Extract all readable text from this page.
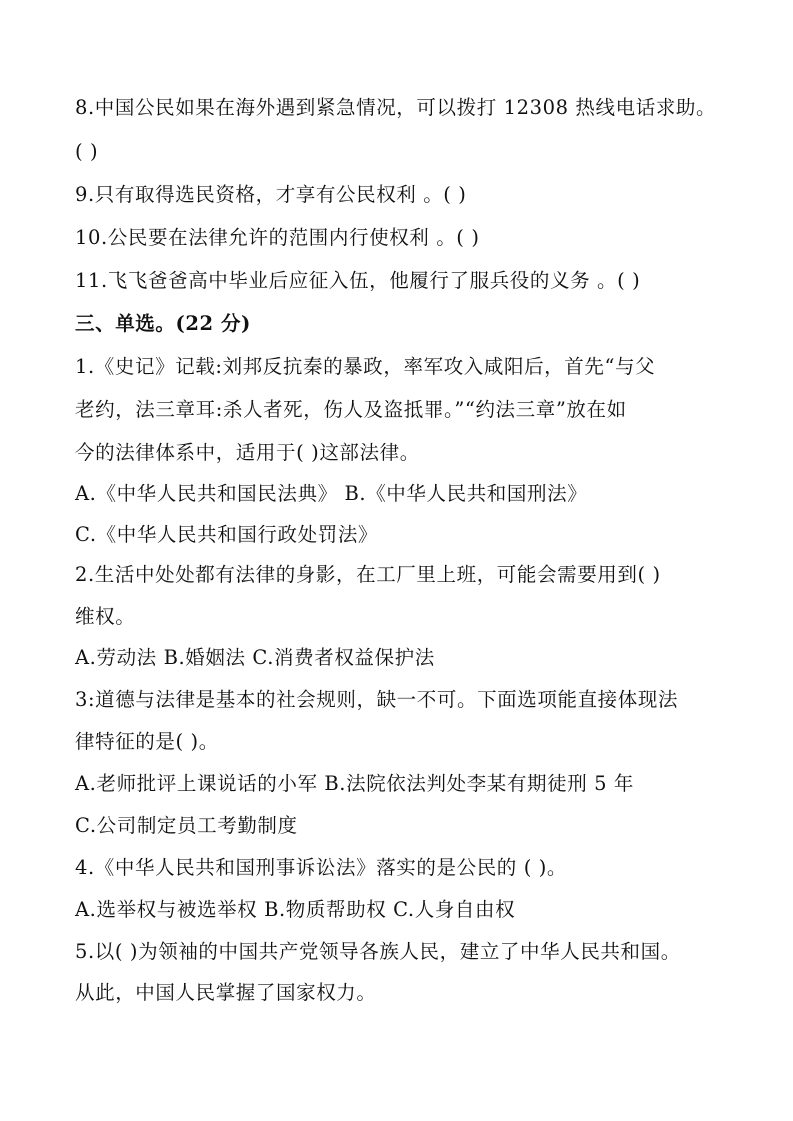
8.中国公民如果在海外遇到紧急情况，可以拨打 12308 热线电话求助。
( )
9.只有取得选民资格，才享有公民权利 。( )
10.公民要在法律允许的范围内行使权利 。( )
11.飞飞爸爸高中毕业后应征入伍，他履行了服兵役的义务 。( )
三、单选。(22 分)
1.《史记》记载:刘邦反抗秦的暴政，率军攻入咸阳后，首先“与父
老约，法三章耳:杀人者死，伤人及盗抵罪。”“约法三章”放在如
今的法律体系中，适用于( )这部法律。
A.《中华人民共和国民法典》 B.《中华人民共和国刑法》
C.《中华人民共和国行政处罚法》
2.生活中处处都有法律的身影，在工厂里上班，可能会需要用到( )
维权。
A.劳动法 B.婚姻法 C.消费者权益保护法
3:道德与法律是基本的社会规则，缺一不可。下面选项能直接体现法
律特征的是( )。
A.老师批评上课说话的小军 B.法院依法判处李某有期徒刑 5 年
C.公司制定员工考勤制度
4.《中华人民共和国刑事诉讼法》落实的是公民的 ( )。
A.选举权与被选举权 B.物质帮助权 C.人身自由权
5.以( )为领袖的中国共产党领导各族人民，建立了中华人民共和国。
从此，中国人民掌握了国家权力。
